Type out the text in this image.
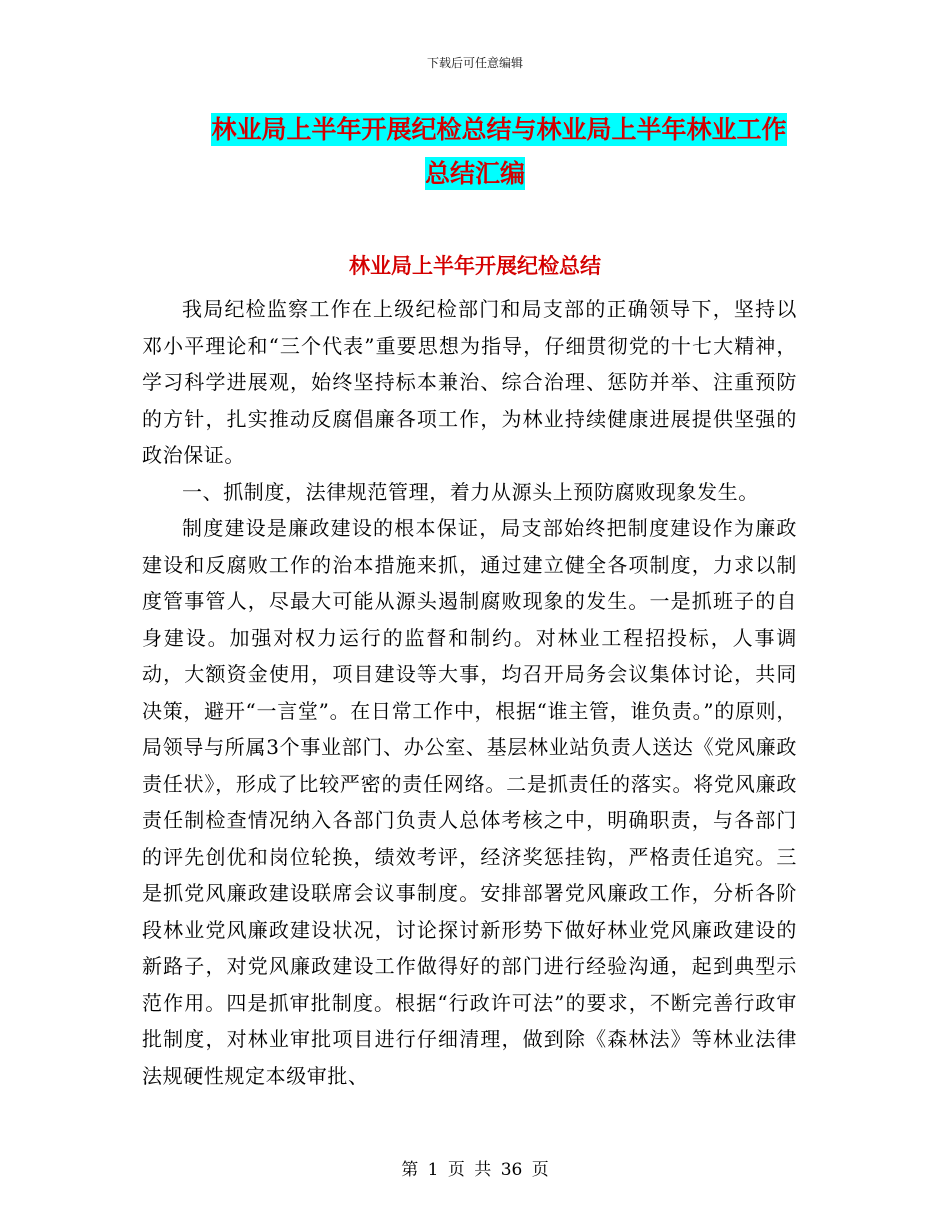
下载后可任意编辑
林业局上半年开展纪检总结与林业局上半年林业工作
总结汇编
林业局上半年开展纪检总结

我局纪检监察工作在上级纪检部门和局支部的正确领导下，坚持以邓小平理论和“三个代表”重要思想为指导，仔细贯彻党的十七大精神，学习科学进展观，始终坚持标本兼治、综合治理、惩防并举、注重预防的方针，扎实推动反腐倡廉各项工作，为林业持续健康进展提供坚强的政治保证。

一、抓制度，法律规范管理，着力从源头上预防腐败现象发生。

制度建设是廉政建设的根本保证，局支部始终把制度建设作为廉政建设和反腐败工作的治本措施来抓，通过建立健全各项制度，力求以制度管事管人，尽最大可能从源头遏制腐败现象的发生。一是抓班子的自身建设。加强对权力运行的监督和制约。对林业工程招投标，人事调动，大额资金使用，项目建设等大事，均召开局务会议集体讨论，共同决策，避开“一言堂”。在日常工作中，根据“谁主管，谁负责。”的原则，局领导与所属3个事业部门、办公室、基层林业站负责人送达《党风廉政责任状》，形成了比较严密的责任网络。二是抓责任的落实。将党风廉政责任制检查情况纳入各部门负责人总体考核之中，明确职责，与各部门的评先创优和岗位轮换，绩效考评，经济奖惩挂钩，严格责任追究。三是抓党风廉政建设联席会议事制度。安排部署党风廉政工作，分析各阶段林业党风廉政建设状况，讨论探讨新形势下做好林业党风廉政建设的新路子，对党风廉政建设工作做得好的部门进行经验沟通，起到典型示范作用。四是抓审批制度。根据“行政许可法”的要求，不断完善行政审批制度，对林业审批项目进行仔细清理，做到除《森林法》等林业法律法规硬性规定本级审批、

第 1 页 共 36 页
